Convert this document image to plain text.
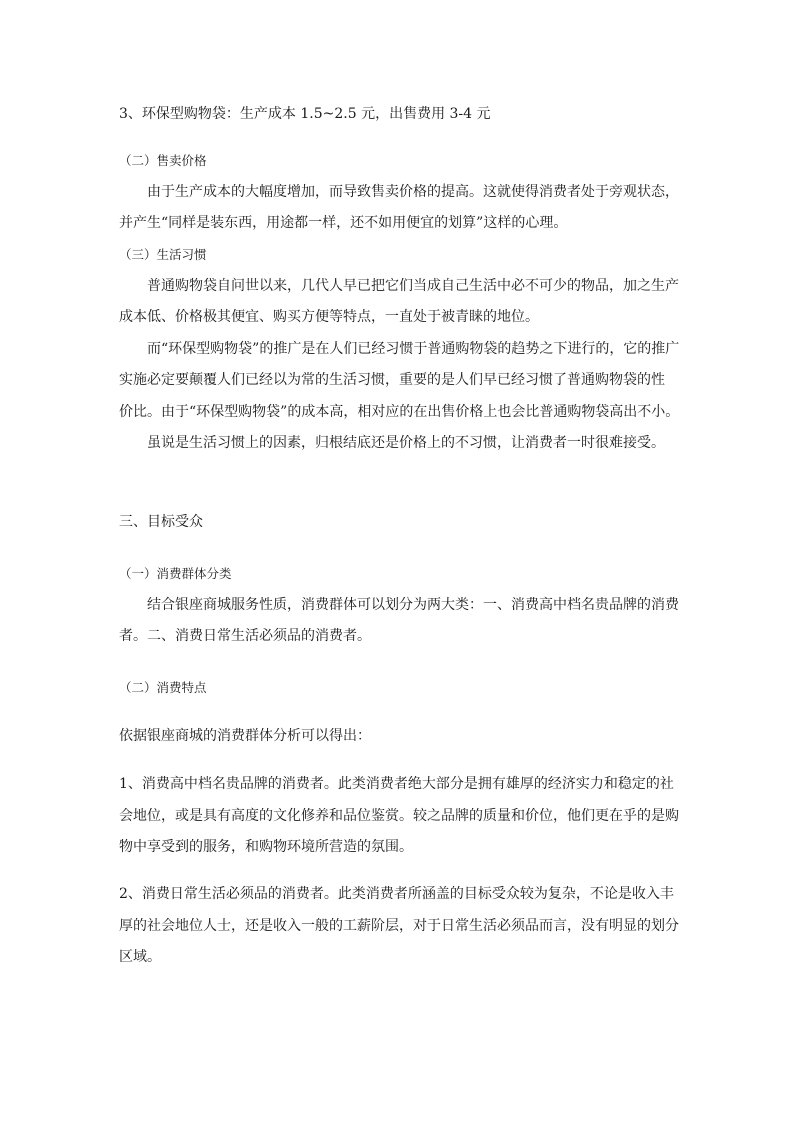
3、环保型购物袋：生产成本 1.5~2.5 元，出售费用 3-4 元
（二）售卖价格
由于生产成本的大幅度增加，而导致售卖价格的提高。这就使得消费者处于旁观状态，
并产生“同样是装东西，用途都一样，还不如用便宜的划算”这样的心理。
（三）生活习惯
普通购物袋自问世以来，几代人早已把它们当成自己生活中必不可少的物品，加之生产
成本低、价格极其便宜、购买方便等特点，一直处于被青睐的地位。
而“环保型购物袋”的推广是在人们已经习惯于普通购物袋的趋势之下进行的，它的推广
实施必定要颠覆人们已经以为常的生活习惯，重要的是人们早已经习惯了普通购物袋的性
价比。由于“环保型购物袋”的成本高，相对应的在出售价格上也会比普通购物袋高出不小。
虽说是生活习惯上的因素，归根结底还是价格上的不习惯，让消费者一时很难接受。
三、目标受众
（一）消费群体分类
结合银座商城服务性质，消费群体可以划分为两大类：一、消费高中档名贵品牌的消费
者。二、消费日常生活必须品的消费者。
（二）消费特点
依据银座商城的消费群体分析可以得出：
1、消费高中档名贵品牌的消费者。此类消费者绝大部分是拥有雄厚的经济实力和稳定的社
会地位，或是具有高度的文化修养和品位鉴赏。较之品牌的质量和价位，他们更在乎的是购
物中享受到的服务，和购物环境所营造的氛围。
2、消费日常生活必须品的消费者。此类消费者所涵盖的目标受众较为复杂，不论是收入丰
厚的社会地位人士，还是收入一般的工薪阶层，对于日常生活必须品而言，没有明显的划分
区域。
